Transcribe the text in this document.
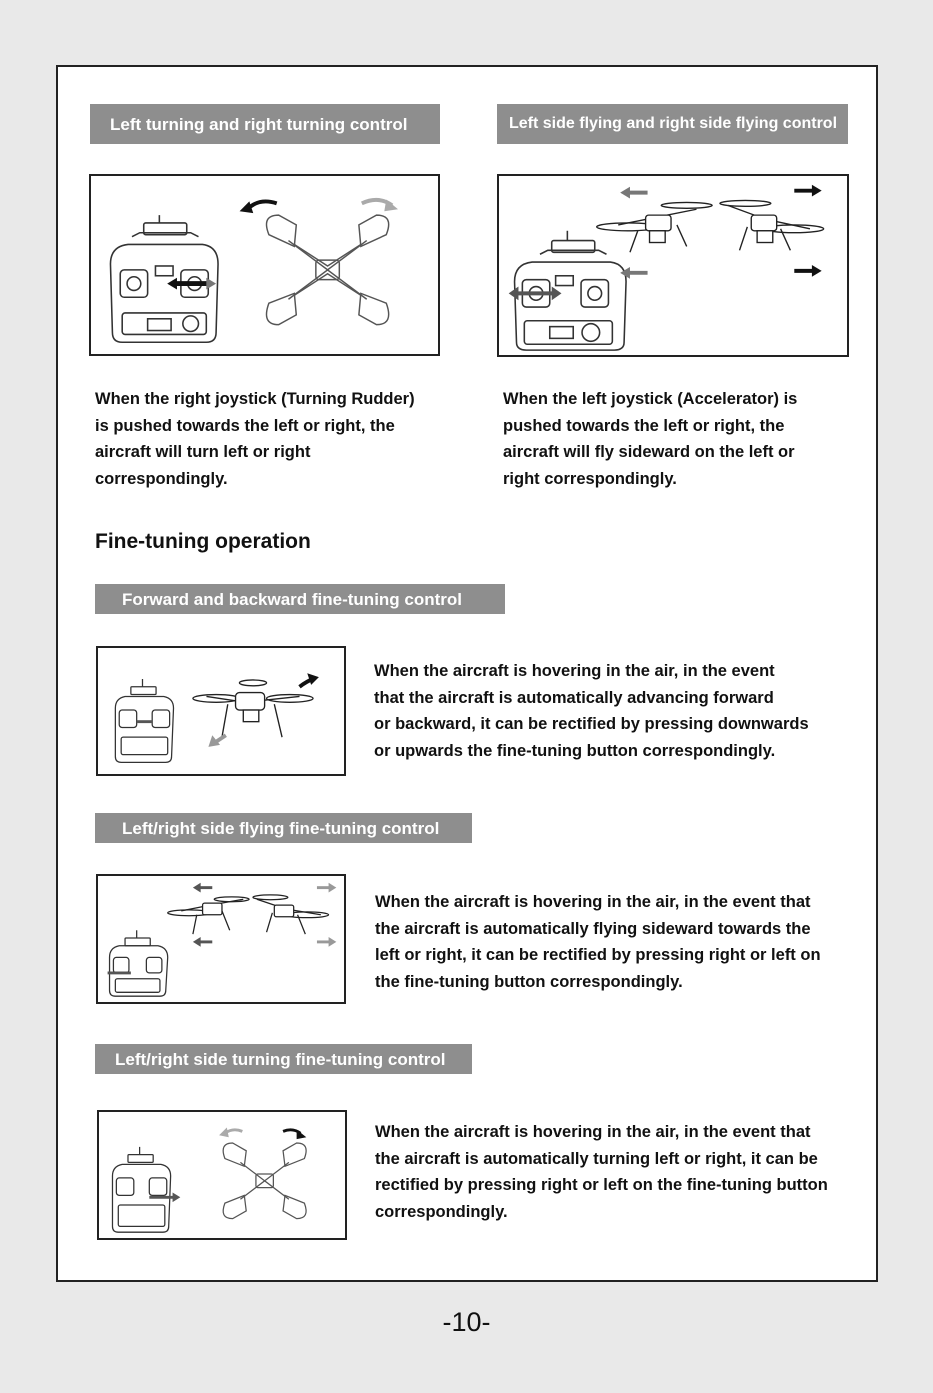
Left turning and right turning control
When the right joystick (Turning Rudder)
is pushed towards the left or right, the
aircraft will turn left or right
correspondingly.
Left side flying and right side flying control
When the left joystick (Accelerator) is
pushed towards the left or right, the
aircraft will fly sideward on the left or
right correspondingly.
Fine-tuning operation
Forward and backward fine-tuning control
When the aircraft is hovering in the air, in the event
that the aircraft is automatically advancing forward
or backward, it can be rectified by pressing downwards
or upwards the fine-tuning button correspondingly.
Left/right side flying fine-tuning control
When the aircraft is hovering in the air, in the event that
the aircraft is automatically flying sideward towards the
left or right, it can be rectified by pressing right or left on
the fine-tuning button correspondingly.
Left/right side turning fine-tuning control
When the aircraft is hovering in the air, in the event that
the aircraft is automatically turning left or right, it can be
rectified by pressing right or left on the fine-tuning button
correspondingly.
-10-
